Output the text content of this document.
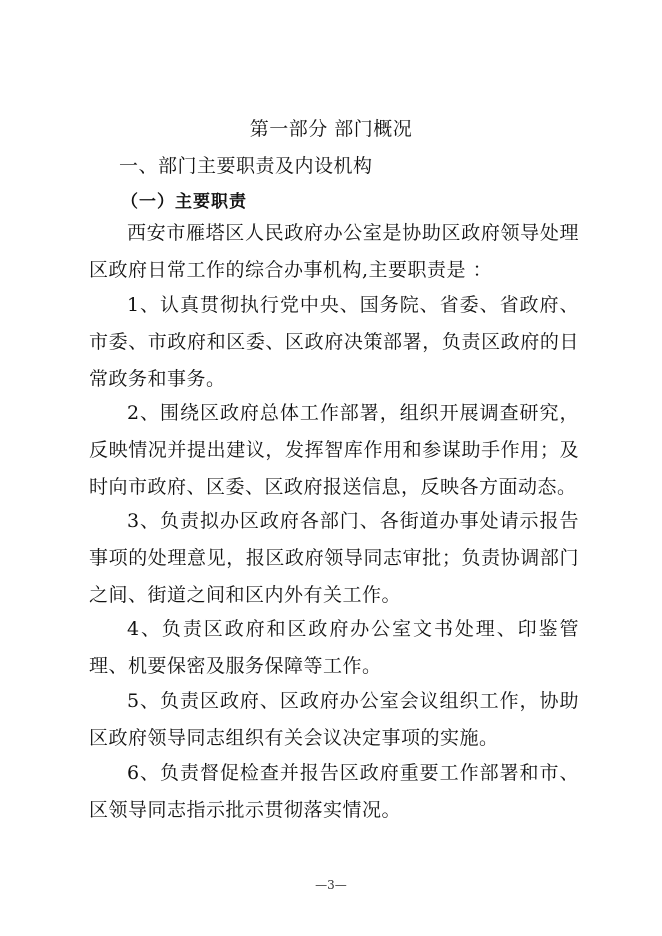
第一部分 部门概况
一、部门主要职责及内设机构
（一）主要职责

西安市雁塔区人民政府办公室是协助区政府领导处理区政府日常工作的综合办事机构,主要职责是 ：

1、认真贯彻执行党中央、国务院、省委、省政府、市委、市政府和区委、区政府决策部署，负责区政府的日常政务和事务。

2、围绕区政府总体工作部署，组织开展调查研究，反映情况并提出建议，发挥智库作用和参谋助手作用；及时向市政府、区委、区政府报送信息，反映各方面动态。

3、负责拟办区政府各部门、各街道办事处请示报告事项的处理意见，报区政府领导同志审批；负责协调部门之间、街道之间和区内外有关工作。

4、负责区政府和区政府办公室文书处理、印鉴管理、机要保密及服务保障等工作。

5、负责区政府、区政府办公室会议组织工作，协助区政府领导同志组织有关会议决定事项的实施。

6、负责督促检查并报告区政府重要工作部署和市、区领导同志指示批示贯彻落实情况。

—3—
